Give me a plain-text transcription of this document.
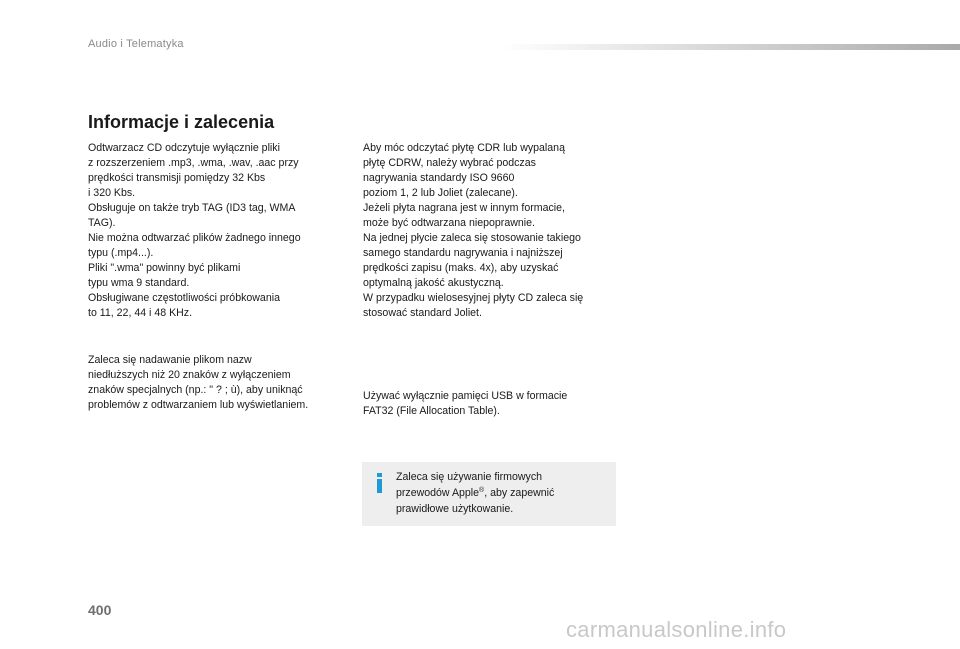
Audio i Telematyka
Informacje i zalecenia
Odtwarzacz CD odczytuje wyłącznie pliki
z rozszerzeniem .mp3, .wma, .wav, .aac przy
prędkości transmisji pomiędzy 32 Kbs
i 320 Kbs.
Obsługuje on także tryb TAG (ID3 tag, WMA
TAG).
Nie można odtwarzać plików żadnego innego
typu (.mp4...).
Pliki ".wma" powinny być plikami
typu wma 9 standard.
Obsługiwane częstotliwości próbkowania
to 11, 22, 44 i 48 KHz.
Zaleca się nadawanie plikom nazw
niedłuższych niż 20 znaków z wyłączeniem
znaków specjalnych (np.: " ? ; ù), aby uniknąć
problemów z odtwarzaniem lub wyświetlaniem.
Aby móc odczytać płytę CDR lub wypalaną
płytę CDRW, należy wybrać podczas
nagrywania standardy ISO 9660
poziom 1, 2 lub Joliet (zalecane).
Jeżeli płyta nagrana jest w innym formacie,
może być odtwarzana niepoprawnie.
Na jednej płycie zaleca się stosowanie takiego
samego standardu nagrywania i najniższej
prędkości zapisu (maks. 4x), aby uzyskać
optymalną jakość akustyczną.
W przypadku wielosesyjnej płyty CD zaleca się
stosować standard Joliet.
Używać wyłącznie pamięci USB w formacie
FAT32 (File Allocation Table).
Zaleca się używanie firmowych
przewodów Apple®, aby zapewnić
prawidłowe użytkowanie.
400
carmanualsonline.info
